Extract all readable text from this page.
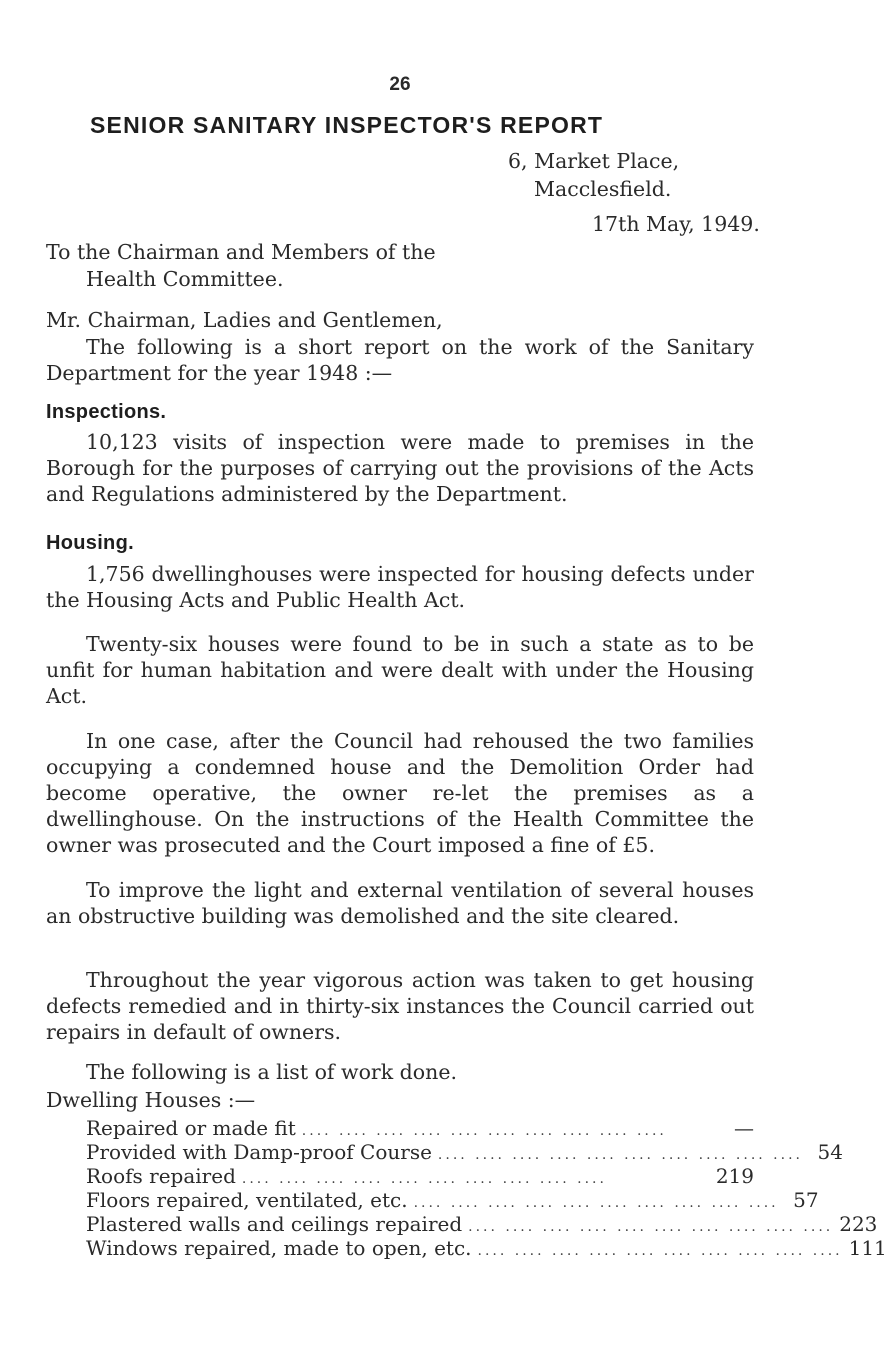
26
SENIOR SANITARY INSPECTOR'S REPORT
6, Market Place,
Macclesfield.
17th May, 1949.
To the Chairman and Members of the
Health Committee.
Mr. Chairman, Ladies and Gentlemen,
The following is a short report on the work of the Sanitary Department for the year 1948 :—
Inspections.
10,123 visits of inspection were made to premises in the Borough for the purposes of carrying out the provisions of the Acts and Regulations administered by the Department.
Housing.
1,756 dwellinghouses were inspected for housing defects under the Housing Acts and Public Health Act.
Twenty-six houses were found to be in such a state as to be unfit for human habitation and were dealt with under the Housing Act.
In one case, after the Council had rehoused the two families occupying a condemned house and the Demolition Order had become operative, the owner re-let the premises as a dwellinghouse. On the instructions of the Health Committee the owner was prosecuted and the Court imposed a fine of £5.
To improve the light and external ventilation of several houses an obstructive building was demolished and the site cleared.
Throughout the year vigorous action was taken to get housing defects remedied and in thirty-six instances the Council carried out repairs in default of owners.
The following is a list of work done.
Dwelling Houses :—
Repaired or made fit .... .... .... .... .... .... .... .... .... ....	—
Provided with Damp-proof Course .... .... .... .... .... .... .... .... .... .... 54
Roofs repaired .... .... .... .... .... .... .... .... .... ....	219
Floors repaired, ventilated, etc. .... .... .... .... .... .... .... .... .... .... 57
Plastered walls and ceilings repaired .... .... .... .... .... .... .... .... .... .... 223
Windows repaired, made to open, etc. .... .... .... .... .... .... .... .... .... .... 111
